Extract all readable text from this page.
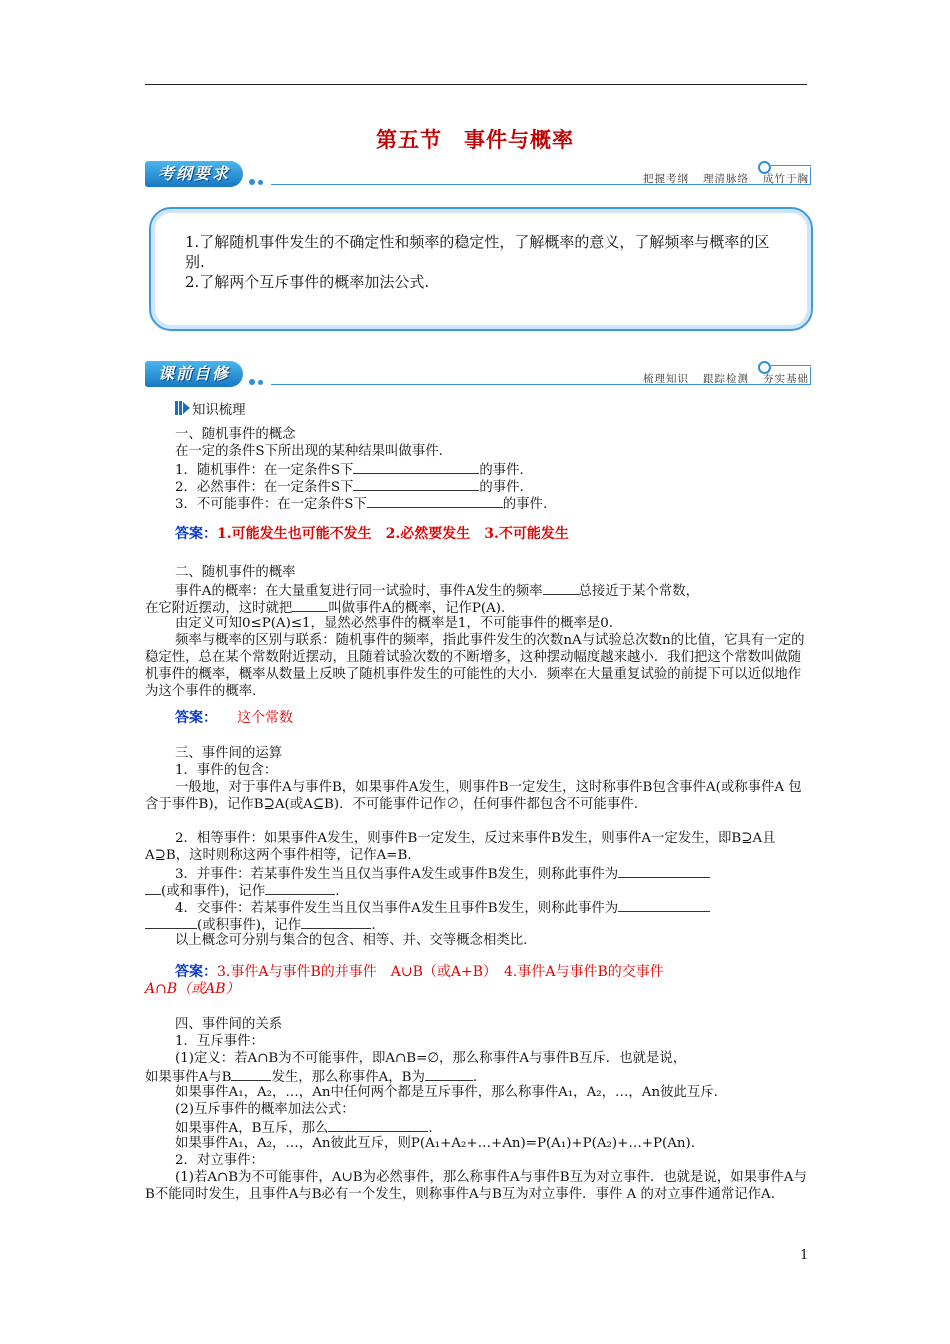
第五节　事件与概率
考纲要求	把握考纲 理清脉络 成竹于胸
1.了解随机事件发生的不确定性和频率的稳定性，了解概率的意义，了解频率与概率的区别.
2.了解两个互斥事件的概率加法公式.
课前自修	梳理知识 跟踪检测 夯实基础
知识梳理
一、随机事件的概念
在一定的条件S下所出现的某种结果叫做事件.
1．随机事件：在一定条件S下	的事件.
2．必然事件：在一定条件S下	的事件.
3．不可能事件：在一定条件S下	的事件.
答案：1.可能发生也可能不发生　2.必然要发生　3.不可能发生
二、随机事件的概率
事件A的概率：在大量重复进行同一试验时，事件A发生的频率	总接近于某个常数，
在它附近摆动，这时就把	叫做事件A的概率，记作P(A).
由定义可知0≤P(A)≤1，显然必然事件的概率是1，不可能事件的概率是0.
频率与概率的区别与联系：随机事件的频率，指此事件发生的次数nA与试验总次数n的比值，它具有一定的稳定性，总在某个常数附近摆动，且随着试验次数的不断增多，这种摆动幅度越来越小．我们把这个常数叫做随机事件的概率，概率从数量上反映了随机事件发生的可能性的大小．频率在大量重复试验的前提下可以近似地作为这个事件的概率.
答案： 这个常数
三、事件间的运算
1．事件的包含：
一般地，对于事件A与事件B，如果事件A发生，则事件B一定发生，这时称事件B包含事件A(或称事件A 包含于事件B)，记作B⊇A(或A⊆B)．不可能事件记作∅，任何事件都包含不可能事件.
2．相等事件：如果事件A发生，则事件B一定发生，反过来事件B发生，则事件A一定发生，即B⊇A且A⊇B，这时则称这两个事件相等，记作A=B.
3．并事件：若某事件发生当且仅当事件A发生或事件B发生，则称此事件为
(或和事件)，记作	.
4．交事件：若某事件发生当且仅当事件A发生且事件B发生，则称此事件为
(或积事件)，记作	.
以上概念可分别与集合的包含、相等、并、交等概念相类比.
答案：3.事件A与事件B的并事件　A∪B（或A+B）　4.事件A与事件B的交事件
A∩B（或AB）
四、事件间的关系
1．互斥事件：
(1)定义：若A∩B为不可能事件，即A∩B=∅，那么称事件A与事件B互斥．也就是说，
如果事件A与B	发生，那么称事件A，B为	.
如果事件A₁，A₂，…，An中任何两个都是互斥事件，那么称事件A₁，A₂，…，An彼此互斥.
(2)互斥事件的概率加法公式：
如果事件A，B互斥，那么	.
如果事件A₁，A₂，…，An彼此互斥，则P(A₁+A₂+…+An)=P(A₁)+P(A₂)+…+P(An).
2．对立事件：
(1)若A∩B为不可能事件，A∪B为必然事件，那么称事件A与事件B互为对立事件．也就是说，如果事件A与B不能同时发生，且事件A与B必有一个发生，则称事件A与B互为对立事件．事件 A 的对立事件通常记作A.
1
